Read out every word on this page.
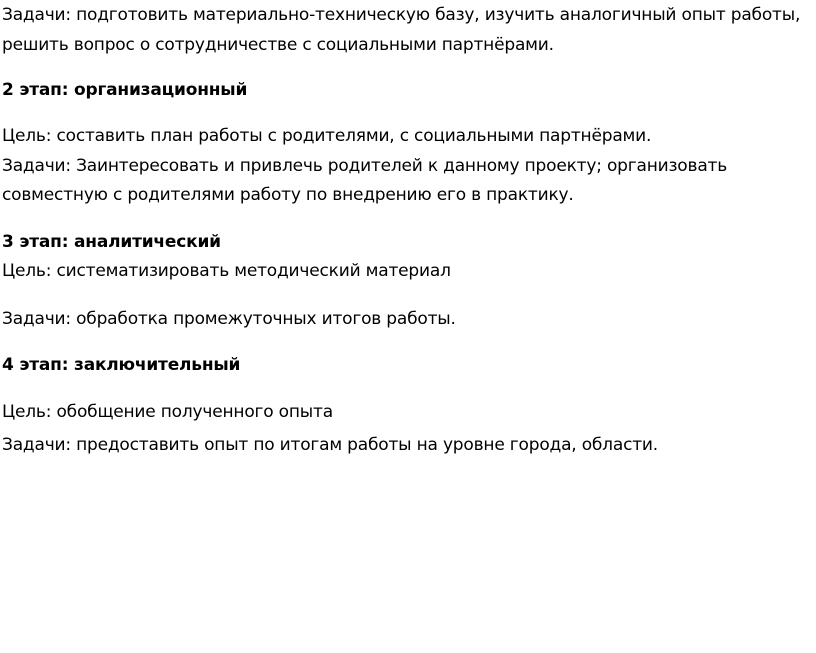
Задачи: подготовить материально-техническую базу, изучить аналогичный опыт работы,
решить вопрос о сотрудничестве с социальными партнёрами.
2 этап: организационный
Цель: составить план работы с родителями, с социальными партнёрами.
Задачи: Заинтересовать и привлечь родителей к данному проекту; организовать
совместную с родителями работу по внедрению его в практику.
3 этап: аналитический
Цель: систематизировать методический материал
Задачи: обработка промежуточных итогов работы.
4 этап: заключительный
Цель: обобщение полученного опыта
Задачи: предоставить опыт по итогам работы на уровне города, области.
